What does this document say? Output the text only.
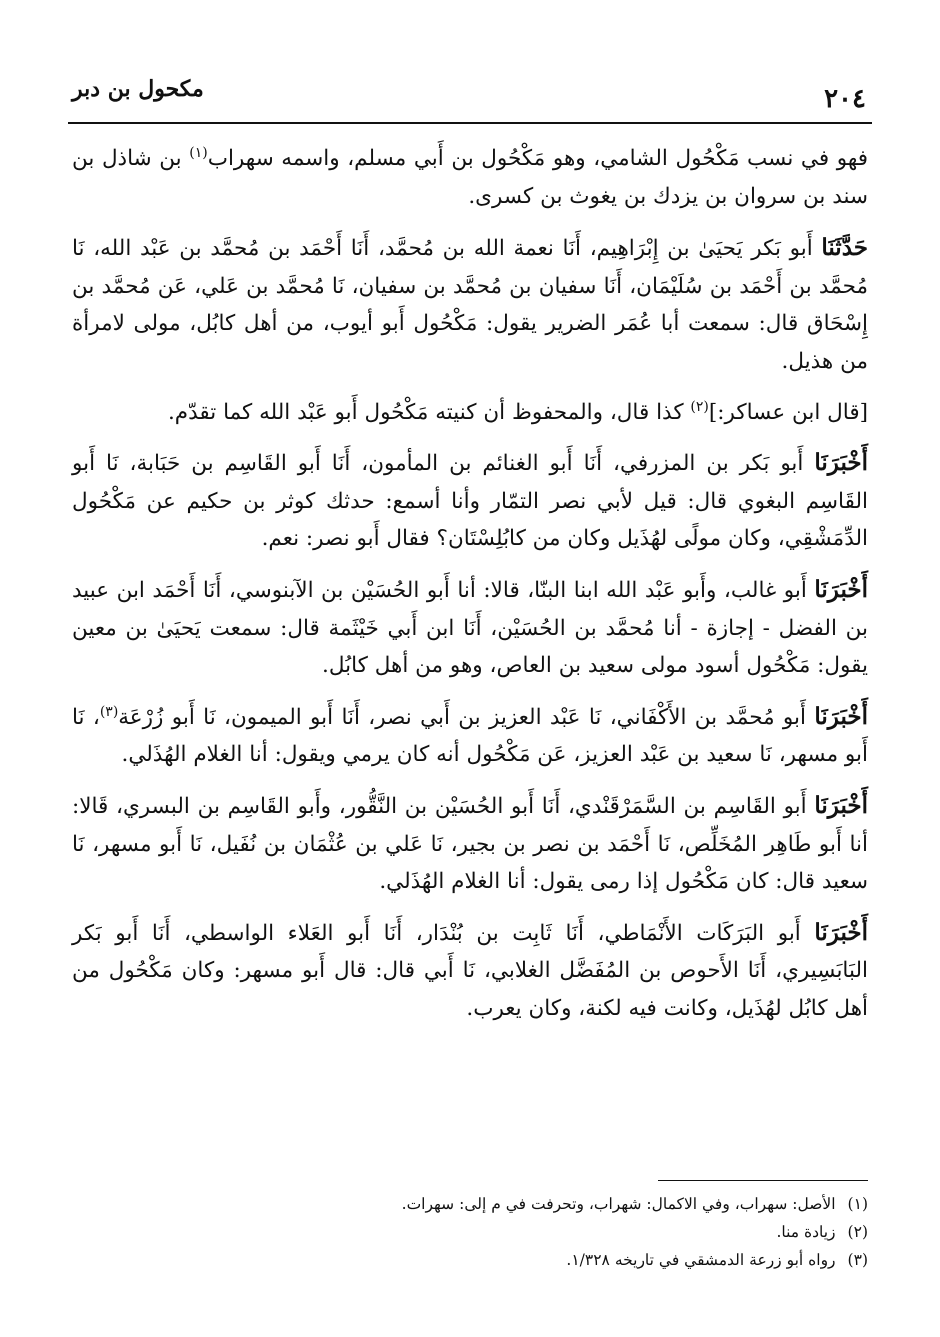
٢٠٤
مكحول بن دبر

فهو في نسب مَكْحُول الشامي، وهو مَكْحُول بن أَبي مسلم، واسمه سهراب$^{(١)}$ بن شاذل بن سند بن سروان بن يزدك بن يغوث بن كسرى.

حَدَّثَنَا أَبو بَكر يَحيَىٰ بن إِبْرَاهِيم، أَنَا نعمة الله بن مُحمَّد، أَنَا أَحْمَد بن مُحمَّد بن عَبْد الله، نَا مُحمَّد بن أَحْمَد بن سُلَيْمَان، أَنَا سفيان بن مُحمَّد بن سفيان، نَا مُحمَّد بن عَلي، عَن مُحمَّد بن إِسْحَاق قال: سمعت أبا عُمَر الضرير يقول: مَكْحُول أَبو أيوب، من أهل كابُل، مولى لامرأة من هذيل.

[قال ابن عساكر:]$^{(٢)}$ كذا قال، والمحفوظ أن كنيته مَكْحُول أَبو عَبْد الله كما تقدّم.

أَخْبَرَنَا أَبو بَكر بن المزرفي، أَنَا أَبو الغنائم بن المأمون، أَنَا أَبو القَاسِم بن حَبَابة، نَا أَبو القَاسِم البغوي قال: قيل لأبي نصر التمّار وأنا أسمع: حدثك كوثر بن حكيم عن مَكْحُول الدِّمَشْقِي، وكان مولًى لهُذَيل وكان من كابُلِسْتَان؟ فقال أَبو نصر: نعم.

أَخْبَرَنَا أَبو غالب، وأَبو عَبْد الله ابنا البنّا، قالا: أنا أَبو الحُسَيْن بن الآبنوسي، أَنَا أَحْمَد ابن عبيد بن الفضل - إجازة - أنا مُحمَّد بن الحُسَيْن، أَنَا ابن أَبي خَيْثَمة قال: سمعت يَحيَىٰ بن معين يقول: مَكْحُول أسود مولى سعيد بن العاص، وهو من أهل كابُل.

أَخْبَرَنَا أَبو مُحمَّد بن الأَكْفَاني، نَا عَبْد العزيز بن أَبي نصر، أَنَا أَبو الميمون، نَا أَبو زُرْعَة$^{(٣)}$، نَا أَبو مسهر، نَا سعيد بن عَبْد العزيز، عَن مَكْحُول أنه كان يرمي ويقول: أنا الغلام الهُذَلي.

أَخْبَرَنَا أَبو القَاسِم بن السَّمَرْقَنْدي، أَنَا أَبو الحُسَيْن بن النَّقُّور، وأَبو القَاسِم بن البسري، قَالا: أنا أَبو طَاهِر المُخَلِّص، نَا أَحْمَد بن نصر بن بجير، نَا عَلي بن عُثْمَان بن نُفَيل، نَا أَبو مسهر، نَا سعيد قال: كان مَكْحُول إذا رمى يقول: أنا الغلام الهُذَلي.

أَخْبَرَنَا أَبو البَرَكَات الأَنْمَاطي، أَنَا ثَابِت بن بُنْدَار، أَنَا أَبو العَلاء الواسطي، أَنَا أَبو بَكر البَابَسِيري، أَنَا الأَحوص بن المُفَضَّل الغلابي، نَا أَبي قال: قال أَبو مسهر: وكان مَكْحُول من أهل كابُل لهُذَيل، وكانت فيه لكنة، وكان يعرب.

(١)
الأصل: سهراب، وفي الاكمال: شهراب، وتحرفت في م إلى: سهرات.
(٢)
زيادة منا.
(٣)
رواه أبو زرعة الدمشقي في تاريخه ١/٣٢٨.
